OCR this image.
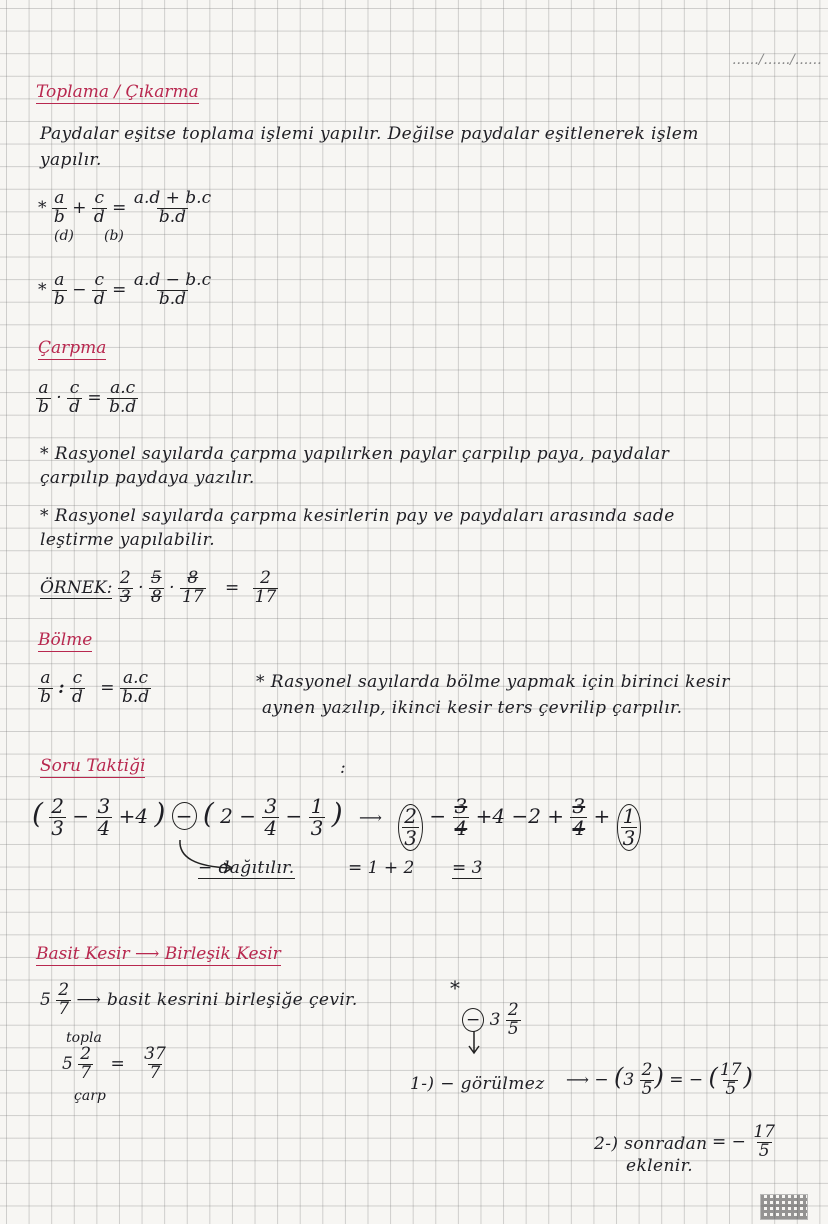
....../....../......
Toplama / Çıkarma
Paydalar eşitse toplama işlemi yapılır. Değilse paydalar eşitlenerek işlem
yapılır.
* $\frac{a}{b} + \frac{c}{d} = \frac{a.d + b.c}{b.d}$
(d) (b)
* $\frac{a}{b} - \frac{c}{d} = \frac{a.d - b.c}{b.d}$
Çarpma
$\frac{a}{b} \cdot \frac{c}{d} = \frac{a.c}{b.d}$
* Rasyonel sayılarda çarpma yapılırken paylar çarpılıp paya, paydalar
çarpılıp paydaya yazılır.
* Rasyonel sayılarda çarpma kesirlerin pay ve paydaları arasında sade
leştirme yapılabilir.
ÖRNEK: $\frac{2}{3} \cdot \frac{5}{8} \cdot \frac{8}{17} = \frac{2}{17}$
Bölme
$\frac{a}{b}$ : $\frac{c}{d} = \frac{a.c}{b.d}$	* Rasyonel sayılarda bölme yapmak için birinci kesir
aynen yazılıp, ikinci kesir ters çevrilip çarpılır.
Soru Taktiği	:
( $\frac{2}{3} - \frac{3}{4} +4$ ) − ( $2 - \frac{3}{4} - \frac{1}{3}$ ) ⟶ $\frac{2}{3} - \frac{3}{4} +4 -2 + \frac{3}{4} + \frac{1}{3}$
− dağıtılır.	= 1 + 2 = 3
Basit Kesir ⟶ Birleşik Kesir
$5 \frac{2}{7}$ ⟶ basit kesrini birleşiğe çevir.
topla
$5 \frac{2}{7} = \frac{37}{7}$
çarp
*
− $3 \frac{2}{5}$
1-) − görülmez ⟶ − ($3 \frac{2}{5}$ ) = − ( $\frac{17}{5}$ )
2-) sonradan
eklenir.
= − $\frac{17}{5}$
